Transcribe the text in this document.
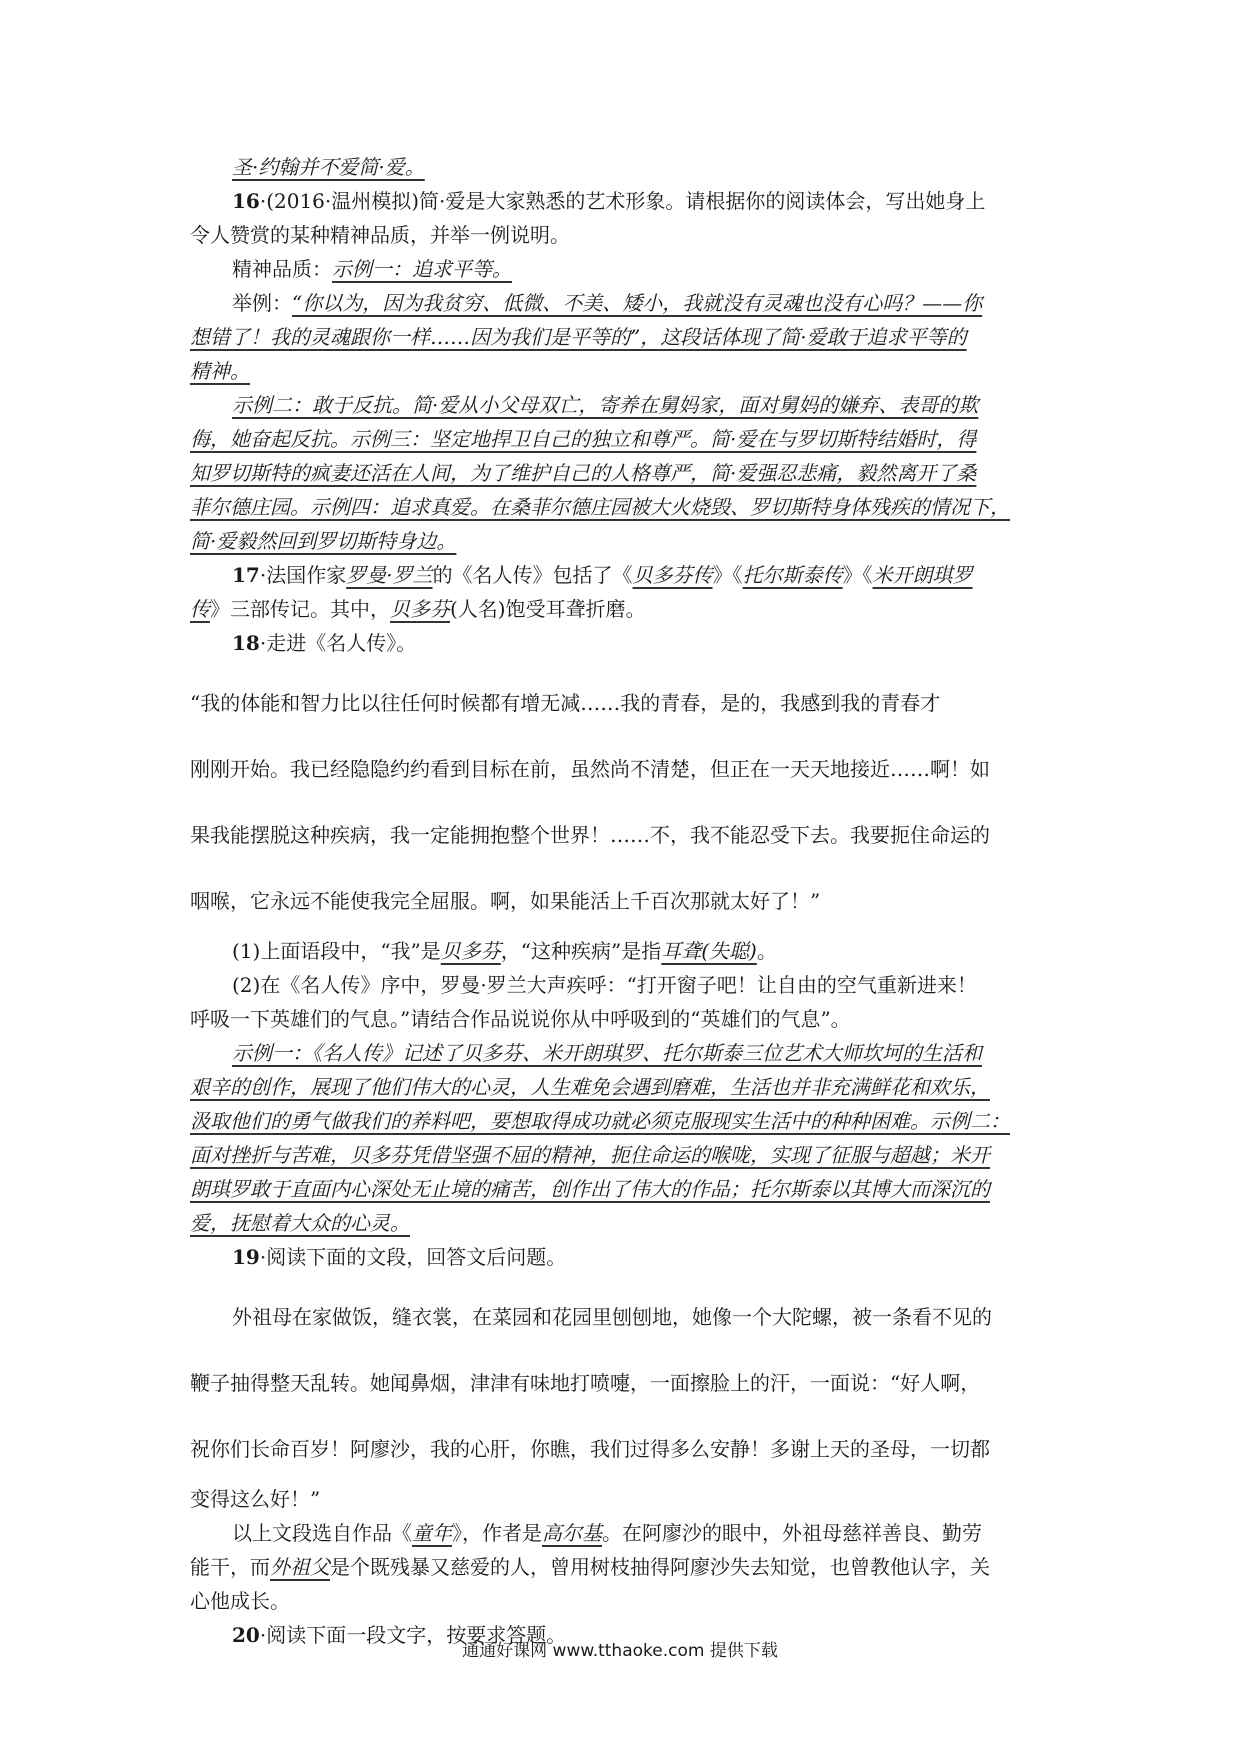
圣·约翰并不爱简·爱。
16·(2016·温州模拟)简·爱是大家熟悉的艺术形象。请根据你的阅读体会，写出她身上
令人赞赏的某种精神品质，并举一例说明。
精神品质：示例一：追求平等。
举例：“你以为，因为我贫穷、低微、不美、矮小，我就没有灵魂也没有心吗？——你
想错了！我的灵魂跟你一样……因为我们是平等的”，这段话体现了简·爱敢于追求平等的
精神。
示例二：敢于反抗。简·爱从小父母双亡，寄养在舅妈家，面对舅妈的嫌弃、表哥的欺
侮，她奋起反抗。示例三：坚定地捍卫自己的独立和尊严。简·爱在与罗切斯特结婚时，得
知罗切斯特的疯妻还活在人间，为了维护自己的人格尊严，简·爱强忍悲痛，毅然离开了桑
菲尔德庄园。示例四：追求真爱。在桑菲尔德庄园被大火烧毁、罗切斯特身体残疾的情况下，
简·爱毅然回到罗切斯特身边。
17·法国作家罗曼·罗兰的《名人传》包括了《贝多芬传》《托尔斯泰传》《米开朗琪罗
传》三部传记。其中，贝多芬(人名)饱受耳聋折磨。
18·走进《名人传》。
“我的体能和智力比以往任何时候都有增无减……我的青春，是的，我感到我的青春才
刚刚开始。我已经隐隐约约看到目标在前，虽然尚不清楚，但正在一天天地接近……啊！如
果我能摆脱这种疾病，我一定能拥抱整个世界！……不，我不能忍受下去。我要扼住命运的
咽喉，它永远不能使我完全屈服。啊，如果能活上千百次那就太好了！”
(1)上面语段中，“我”是贝多芬，“这种疾病”是指耳聋(失聪)。
(2)在《名人传》序中，罗曼·罗兰大声疾呼：“打开窗子吧！让自由的空气重新进来！
呼吸一下英雄们的气息。”请结合作品说说你从中呼吸到的“英雄们的气息”。
示例一：《名人传》记述了贝多芬、米开朗琪罗、托尔斯泰三位艺术大师坎坷的生活和
艰辛的创作，展现了他们伟大的心灵，人生难免会遇到磨难，生活也并非充满鲜花和欢乐，
汲取他们的勇气做我们的养料吧，要想取得成功就必须克服现实生活中的种种困难。示例二：
面对挫折与苦难，贝多芬凭借坚强不屈的精神，扼住命运的喉咙，实现了征服与超越；米开
朗琪罗敢于直面内心深处无止境的痛苦，创作出了伟大的作品；托尔斯泰以其博大而深沉的
爱，抚慰着大众的心灵。
19·阅读下面的文段，回答文后问题。
外祖母在家做饭，缝衣裳，在菜园和花园里刨刨地，她像一个大陀螺，被一条看不见的
鞭子抽得整天乱转。她闻鼻烟，津津有味地打喷嚏，一面擦脸上的汗，一面说：“好人啊，
祝你们长命百岁！阿廖沙，我的心肝，你瞧，我们过得多么安静！多谢上天的圣母，一切都
变得这么好！”
以上文段选自作品《童年》，作者是高尔基。在阿廖沙的眼中，外祖母慈祥善良、勤劳
能干，而外祖父是个既残暴又慈爱的人，曾用树枝抽得阿廖沙失去知觉，也曾教他认字，关
心他成长。
20·阅读下面一段文字，按要求答题。
通通好课网 www.tthaoke.com 提供下载
